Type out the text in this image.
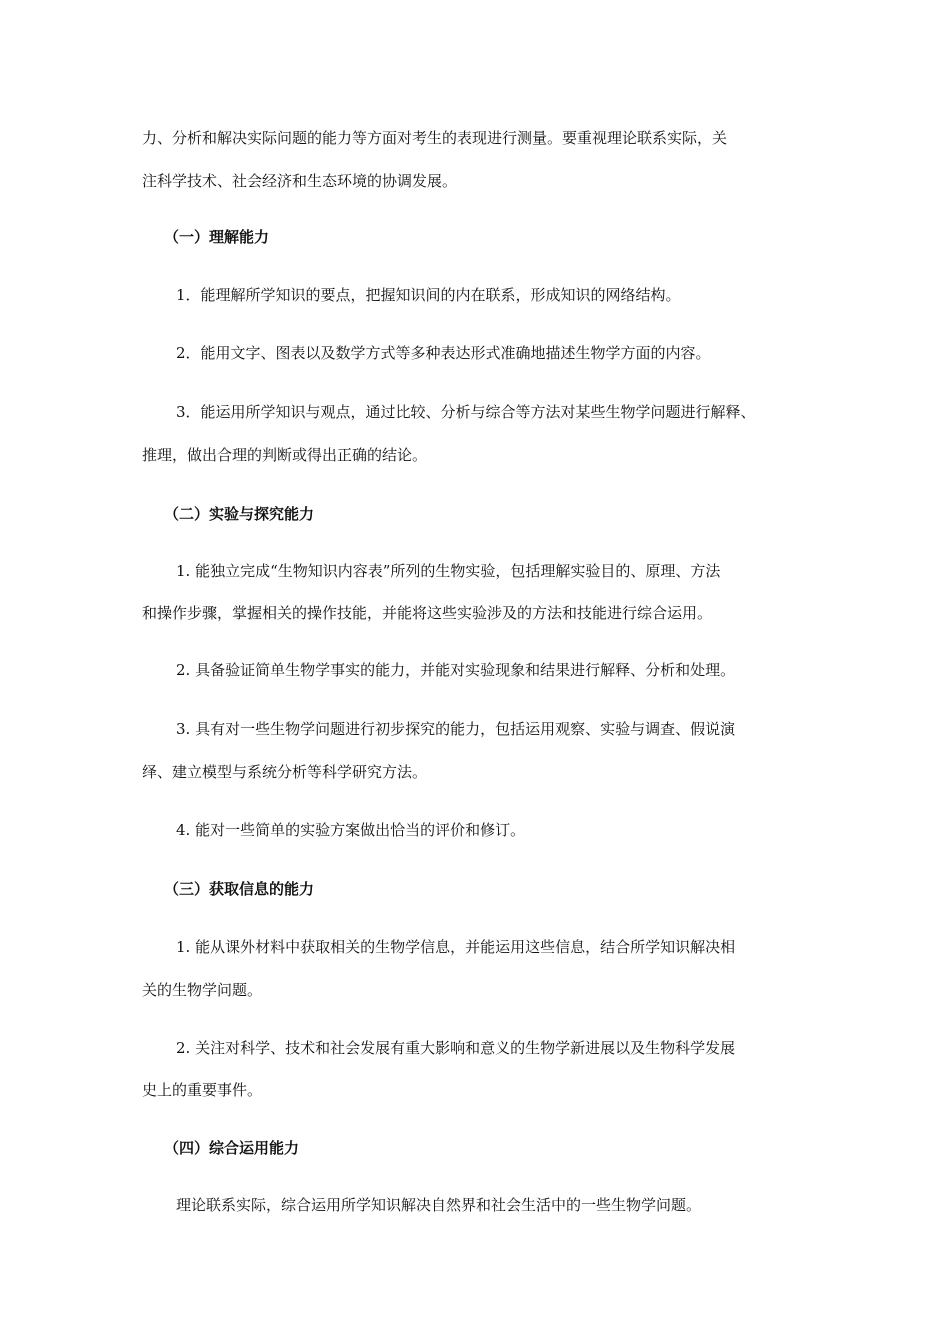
力、分析和解决实际问题的能力等方面对考生的表现进行测量。要重视理论联系实际，关
注科学技术、社会经济和生态环境的协调发展。
（一）理解能力
1．能理解所学知识的要点，把握知识间的内在联系，形成知识的网络结构。
2．能用文字、图表以及数学方式等多种表达形式准确地描述生物学方面的内容。
3．能运用所学知识与观点，通过比较、分析与综合等方法对某些生物学问题进行解释、
推理，做出合理的判断或得出正确的结论。
（二）实验与探究能力
1. 能独立完成“生物知识内容表”所列的生物实验，包括理解实验目的、原理、方法
和操作步骤，掌握相关的操作技能，并能将这些实验涉及的方法和技能进行综合运用。
2. 具备验证简单生物学事实的能力，并能对实验现象和结果进行解释、分析和处理。
3. 具有对一些生物学问题进行初步探究的能力，包括运用观察、实验与调查、假说演
绎、建立模型与系统分析等科学研究方法。
4. 能对一些简单的实验方案做出恰当的评价和修订。
（三）获取信息的能力
1. 能从课外材料中获取相关的生物学信息，并能运用这些信息，结合所学知识解决相
关的生物学问题。
2. 关注对科学、技术和社会发展有重大影响和意义的生物学新进展以及生物科学发展
史上的重要事件。
（四）综合运用能力
理论联系实际，综合运用所学知识解决自然界和社会生活中的一些生物学问题。
